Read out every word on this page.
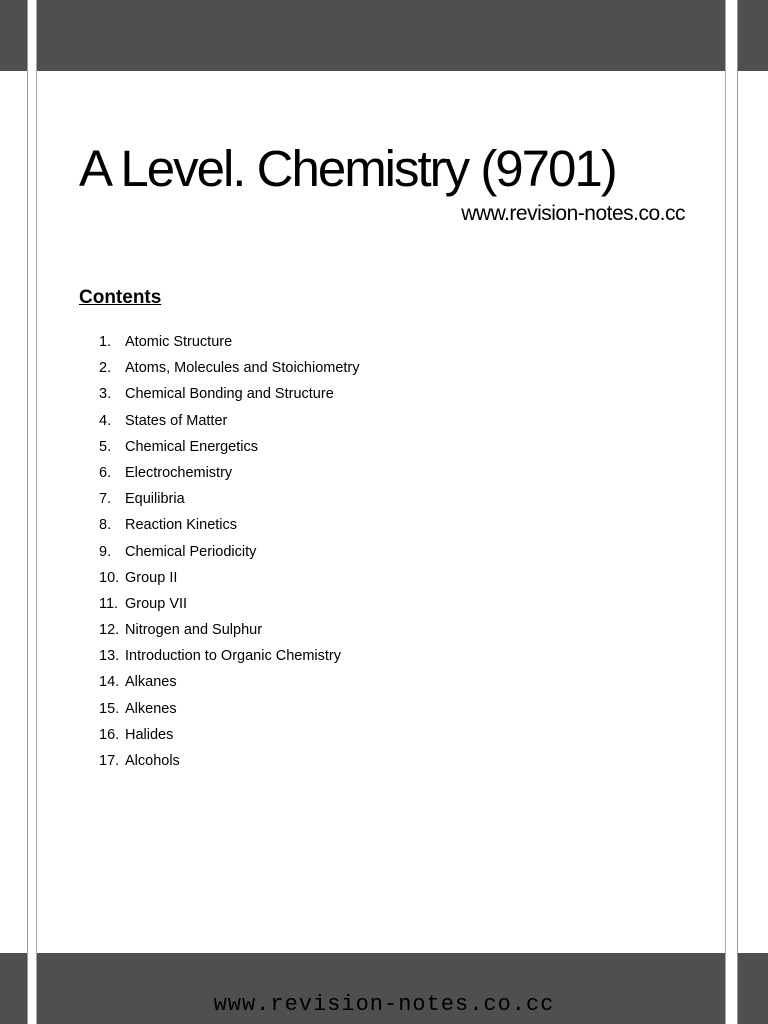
A Level. Chemistry (9701)
www.revision-notes.co.cc
Contents
1. Atomic Structure
2. Atoms, Molecules and Stoichiometry
3. Chemical Bonding and Structure
4. States of Matter
5. Chemical Energetics
6. Electrochemistry
7. Equilibria
8. Reaction Kinetics
9. Chemical Periodicity
10. Group II
11. Group VII
12. Nitrogen and Sulphur
13. Introduction to Organic Chemistry
14. Alkanes
15. Alkenes
16. Halides
17. Alcohols
www.revision-notes.co.cc
